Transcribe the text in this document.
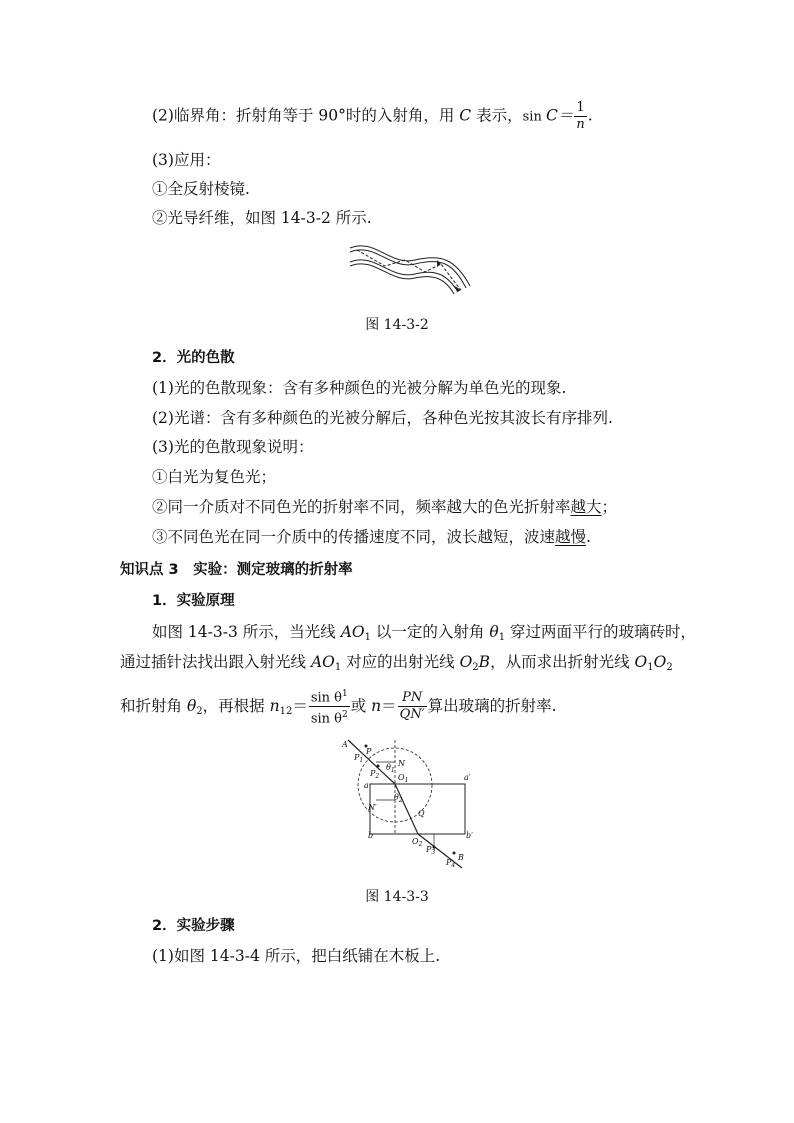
(2)临界角：折射角等于 90°时的入射角，用 C 表示，$\sin C= \frac{1}{n}$ .
(3)应用：
①全反射棱镜.
②光导纤维，如图 14-3-2 所示.
图 14-3-2
2．光的色散
(1)光的色散现象：含有多种颜色的光被分解为单色光的现象.
(2)光谱：含有多种颜色的光被分解后，各种色光按其波长有序排列.
(3)光的色散现象说明：
①白光为复色光；
②同一介质对不同色光的折射率不同，频率越大的色光折射率越大；
③不同色光在同一介质中的传播速度不同，波长越短，波速越慢.
知识点 3　实验：测定玻璃的折射率
1．实验原理
如图 14-3-3 所示，当光线 $AO_1$ 以一定的入射角 $\theta_1$ 穿过两面平行的玻璃砖时，
通过插针法找出跟入射光线 $AO_1$ 对应的出射光线 $O_2B$，从而求出折射光线 $O_1O_2$
和折射角 $\theta_2$，再根据 $n_{12}= \frac{\sin \theta^1}{\sin \theta^2}$ 或 $n= \frac{PN}{QN'}$ 算出玻璃的折射率.
A
P
$P_1$
$P_2$
$\theta_1$
N
$O_1$
a
a′
$\theta_2$
N′
Q
b	b′
$O_2$
$P_3$
B
$P_4$
图 14-3-3
2．实验步骤
(1)如图 14-3-4 所示，把白纸铺在木板上.
